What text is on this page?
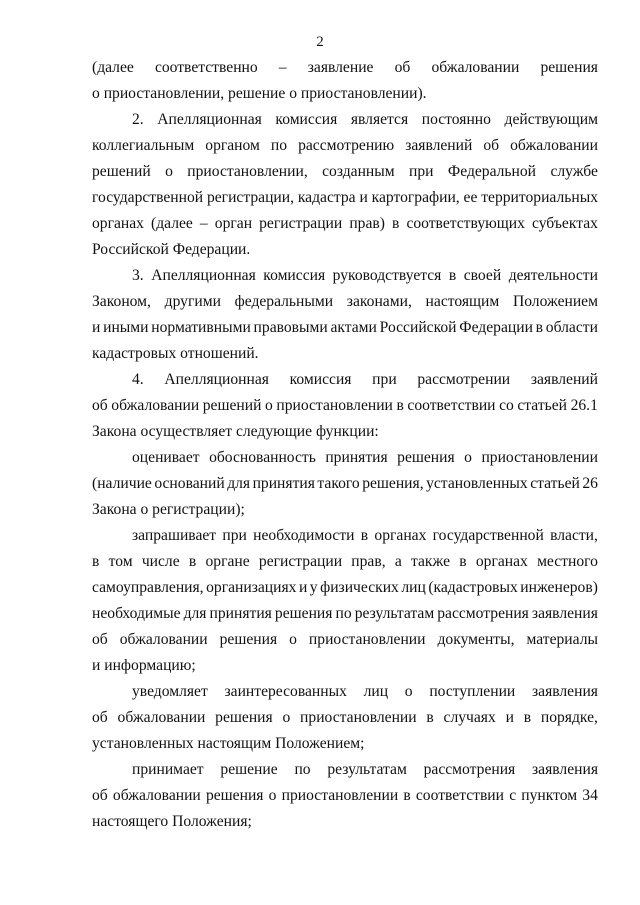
2
(далее соответственно – заявление об обжаловании решения
о приостановлении, решение о приостановлении).
2. Апелляционная комиссия является постоянно действующим
коллегиальным органом по рассмотрению заявлений об обжаловании
решений о приостановлении, созданным при Федеральной службе
государственной регистрации, кадастра и картографии, ее территориальных
органах (далее – орган регистрации прав) в соответствующих субъектах
Российской Федерации.
3. Апелляционная комиссия руководствуется в своей деятельности
Законом, другими федеральными законами, настоящим Положением
и иными нормативными правовыми актами Российской Федерации в области
кадастровых отношений.
4. Апелляционная комиссия при рассмотрении заявлений
об обжаловании решений о приостановлении в соответствии со статьей 26.1
Закона осуществляет следующие функции:
оценивает обоснованность принятия решения о приостановлении
(наличие оснований для принятия такого решения, установленных статьей 26
Закона о регистрации);
запрашивает при необходимости в органах государственной власти,
в том числе в органе регистрации прав, а также в органах местного
самоуправления, организациях и у физических лиц (кадастровых инженеров)
необходимые для принятия решения по результатам рассмотрения заявления
об обжаловании решения о приостановлении документы, материалы
и информацию;
уведомляет заинтересованных лиц о поступлении заявления
об обжаловании решения о приостановлении в случаях и в порядке,
установленных настоящим Положением;
принимает решение по результатам рассмотрения заявления
об обжаловании решения о приостановлении в соответствии с пунктом 34
настоящего Положения;
